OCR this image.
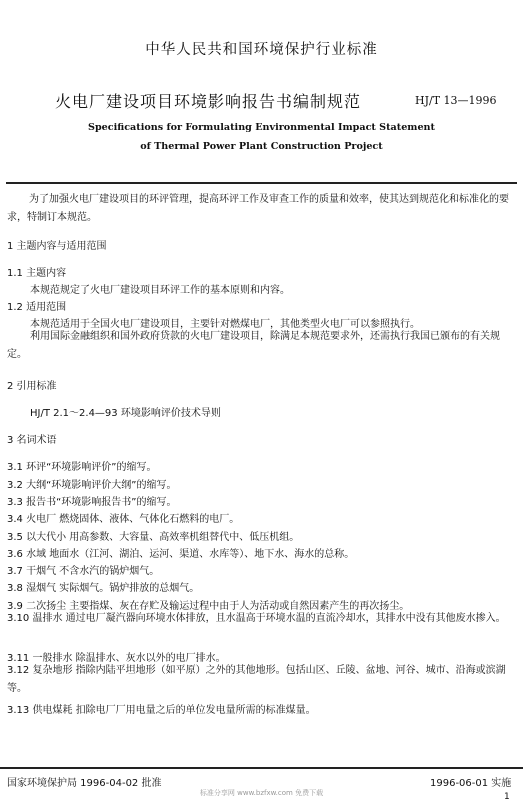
中华人民共和国环境保护行业标准
火电厂建设项目环境影响报告书编制规范	HJ/T 13—1996
Specifications for Formulating Environmental Impact Statement
of Thermal Power Plant Construction Project
为了加强火电厂建设项目的环评管理，提高环评工作及审查工作的质量和效率，使其达到规范化和标准化的要求，特制订本规范。
1 主题内容与适用范围
1.1 主题内容
本规范规定了火电厂建设项目环评工作的基本原则和内容。
1.2 适用范围
本规范适用于全国火电厂建设项目，主要针对燃煤电厂，其他类型火电厂可以参照执行。
利用国际金融组织和国外政府贷款的火电厂建设项目，除满足本规范要求外，还需执行我国已颁布的有关规定。
2 引用标准
HJ/T 2.1～2.4—93 环境影响评价技术导则
3 名词术语
3.1 环评“环境影响评价”的缩写。
3.2 大纲“环境影响评价大纲”的缩写。
3.3 报告书“环境影响报告书”的缩写。
3.4 火电厂 燃烧固体、液体、气体化石燃料的电厂。
3.5 以大代小 用高参数、大容量、高效率机组替代中、低压机组。
3.6 水域 地面水（江河、湖泊、运河、渠道、水库等）、地下水、海水的总称。
3.7 干烟气 不含水汽的锅炉烟气。
3.8 湿烟气 实际烟气。锅炉排放的总烟气。
3.9 二次扬尘 主要指煤、灰在存贮及输运过程中由于人为活动或自然因素产生的再次扬尘。
3.10 温排水 通过电厂凝汽器向环境水体排放，且水温高于环境水温的直流冷却水，其排水中没有其他废水掺入。
3.11 一般排水 除温排水、灰水以外的电厂排水。
3.12 复杂地形 指除内陆平坦地形（如平原）之外的其他地形。包括山区、丘陵、盆地、河谷、城市、沿海或滨湖等。
3.13 供电煤耗 扣除电厂厂用电量之后的单位发电量所需的标准煤量。
国家环境保护局 1996-04-02 批准	1996-06-01 实施
标准分享网 www.bzfxw.com 免费下载	1
